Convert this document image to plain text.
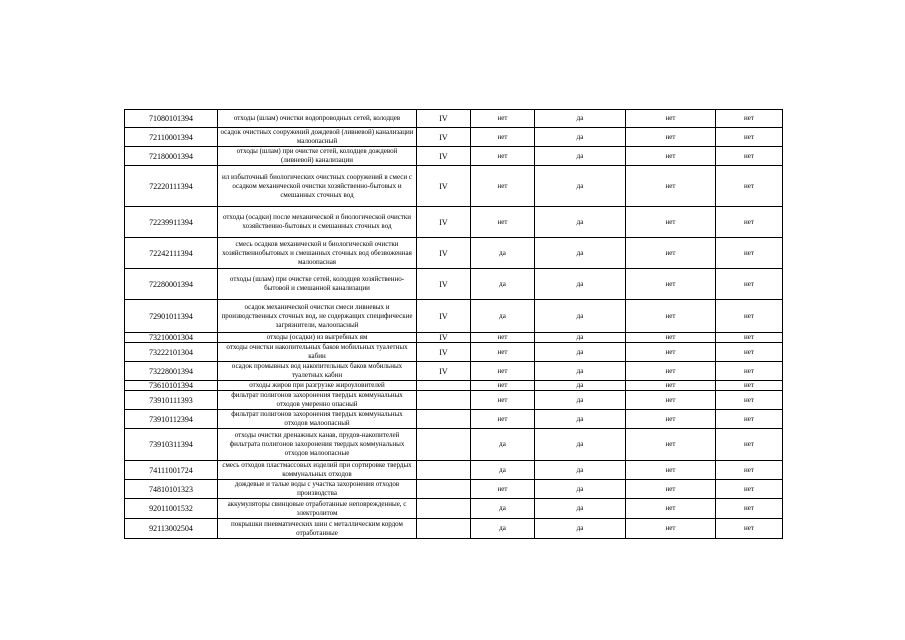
71080101394	отходы (шлам) очистки водопроводных сетей, колодцев	IV	нет	да	нет	нет
72110001394	осадок очистных сооружений дождевой (ливневой) канализации малоопасный	IV	нет	да	нет	нет
72180001394	отходы (шлам) при очистке сетей, колодцев дождевой (ливневой) канализации	IV	нет	да	нет	нет
72220111394	ил избыточный биологических очистных сооружений в смеси с осадком механической очистки хозяйственно-бытовых и смешанных сточных вод	IV	нет	да	нет	нет
72239911394	отходы (осадки) после механической и биологической очистки хозяйственно-бытовых и смешанных сточных вод	IV	нет	да	нет	нет
72242111394	смесь осадков механической и биологической очистки хозяйственнобытовых и смешанных сточных вод обезвоженная малоопасная	IV	да	да	нет	нет
72280001394	отходы (шлам) при очистке сетей, колодцев хозяйственно-бытовой и смешанной канализации	IV	да	да	нет	нет
72901011394	осадок механической очистки смеси ливневых и производственных сточных вод, не содержащих специфические загрязнители, малоопасный	IV	да	да	нет	нет
73210001304	отходы (осадки) из выгребных ям	IV	нет	да	нет	нет
73222101304	отходы очистки накопительных баков мобильных туалетных кабин	IV	нет	да	нет	нет
73228001394	осадок промывных вод накопительных баков мобильных туалетных кабин	IV	нет	да	нет	нет
73610101394	отходы жиров при разгрузке жироуловителей		нет	да	нет	нет
73910111393	фильтрат полигонов захоронения твердых коммунальных отходов умеренно опасный		нет	да	нет	нет
73910112394	фильтрат полигонов захоронения твердых коммунальных отходов малоопасный		нет	да	нет	нет
73910311394	отходы очистки дренажных канав, прудов-накопителей фильтрата полигонов захоронения твердых коммунальных отходов малоопасные		да	да	нет	нет
74111001724	смесь отходов пластмассовых изделий при сортировке твердых коммунальных отходов		да	да	нет	нет
74810101323	дождевые и талые воды с участка захоронения отходов производства		нет	да	нет	нет
92011001532	аккумуляторы свинцовые отработанные неповрежденные, с электролитом		да	да	нет	нет
92113002504	покрышки пневматических шин с металлическим кордом отработанные		да	да	нет	нет
